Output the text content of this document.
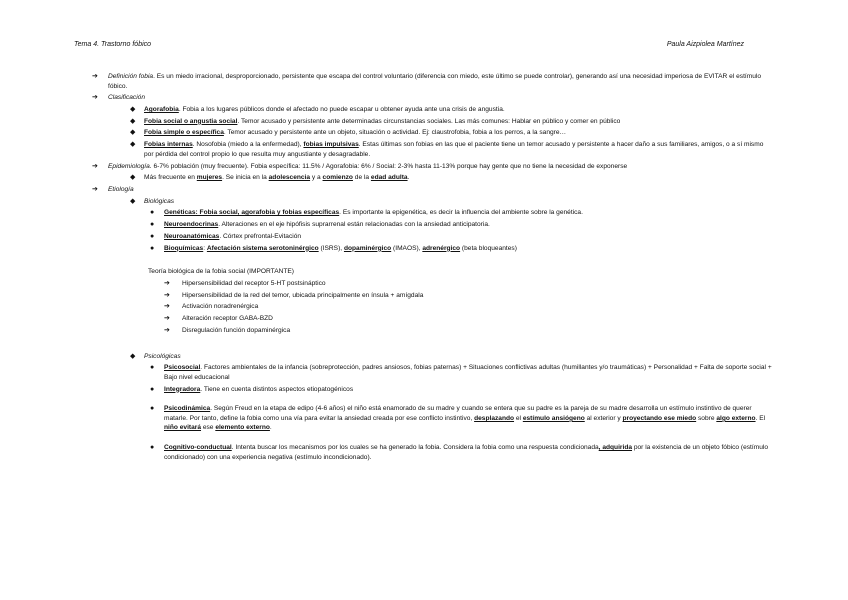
Tema 4. Trastorno fóbico	Paula Aizpiolea Martínez
➔ Definición fobia. Es un miedo irracional, desproporcionado, persistente que escapa del control voluntario (diferencia con miedo, este último se puede controlar), generando así una necesidad imperiosa de EVITAR el estímulo fóbico.
➔ Clasificación
◆ Agorafobia. Fobia a los lugares públicos donde el afectado no puede escapar u obtener ayuda ante una crisis de angustia.
◆ Fobia social o angustia social. Temor acusado y persistente ante determinadas circunstancias sociales. Las más comunes: Hablar en público y comer en público
◆ Fobia simple o específica. Temor acusado y persistente ante un objeto, situación o actividad. Ej: claustrofobia, fobia a los perros, a la sangre…
◆ Fobias internas. Nosofobia (miedo a la enfermedad), fobias impulsivas. Estas últimas son fobias en las que el paciente tiene un temor acusado y persistente a hacer daño a sus familiares, amigos, o a sí mismo por pérdida del control propio lo que resulta muy angustiante y desagradable.
➔ Epidemiología. 6-7% población (muy frecuente). Fobia específica: 11.5% / Agorafobia: 6% / Social: 2-3% hasta 11-13% porque hay gente que no tiene la necesidad de exponerse
◆ Más frecuente en mujeres. Se inicia en la adolescencia y a comienzo de la edad adulta.
➔ Etiología
◆ Biológicas
● Genéticas: Fobia social, agorafobia y fobias específicas. Es importante la epigenética, es decir la influencia del ambiente sobre la genética.
● Neuroendocrinas. Alteraciones en el eje hipófisis suprarrenal están relacionadas con la ansiedad anticipatoria.
● Neuroanatómicas. Córtex prefrontal-Evitación
● Bioquímicas: Afectación sistema serotoninérgico (ISRS), dopaminérgico (IMAOS), adrenérgico (beta bloqueantes)
Teoría biológica de la fobia social (IMPORTANTE)
➔ Hipersensibilidad del receptor 5-HT postsináptico
➔ Hipersensibilidad de la red del temor, ubicada principalmente en ínsula + amígdala
➔ Activación noradrenérgica
➔ Alteración receptor GABA-BZD
➔ Disregulación función dopaminérgica
◆ Psicológicas
● Psicosocial. Factores ambientales de la infancia (sobreprotección, padres ansiosos, fobias paternas) + Situaciones conflictivas adultas (humillantes y/o traumáticas) + Personalidad + Falta de soporte social + Bajo nivel educacional
● Integradora. Tiene en cuenta distintos aspectos etiopatogénicos
● Psicodinámica. Según Freud en la etapa de edipo (4-6 años) el niño está enamorado de su madre y cuando se entera que su padre es la pareja de su madre desarrolla un estímulo instintivo de querer matarle. Por tanto, define la fobia como una vía para evitar la ansiedad creada por ese conflicto instintivo, desplazando el estímulo ansiógeno al exterior y proyectando ese miedo sobre algo externo. El niño evitará ese elemento externo.
● Cognitivo-conductual. Intenta buscar los mecanismos por los cuales se ha generado la fobia. Considera la fobia como una respuesta condicionada, adquirida por la existencia de un objeto fóbico (estímulo condicionado) con una experiencia negativa (estímulo incondicionado).
